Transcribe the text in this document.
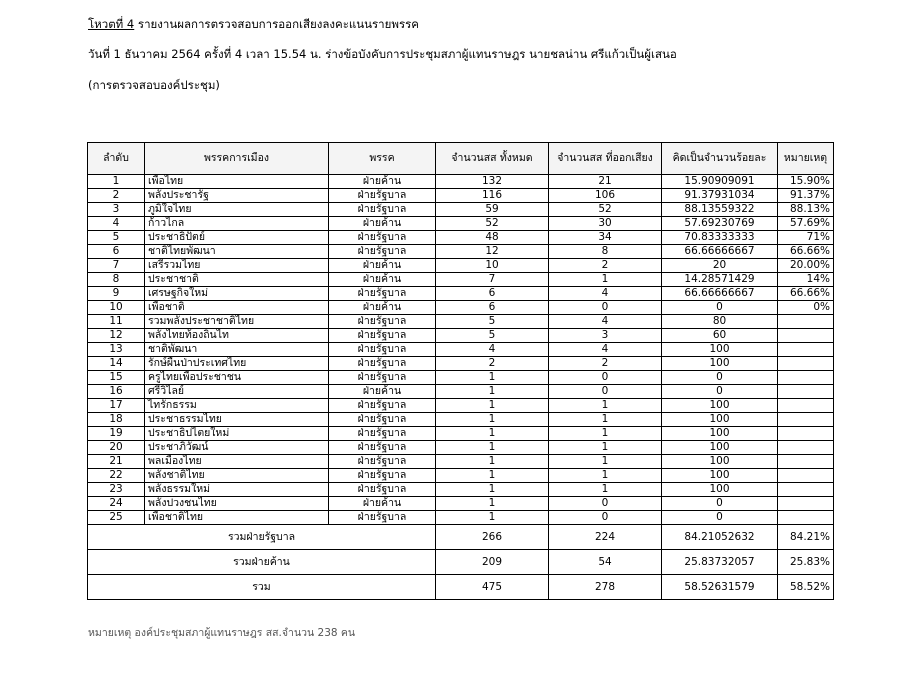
โหวตที่ 4 รายงานผลการตรวจสอบการออกเสียงลงคะแนนรายพรรค
วันที่ 1 ธันวาคม 2564 ครั้งที่ 4 เวลา 15.54 น. ร่างข้อบังคับการประชุมสภาผู้แทนราษฎร นายชลน่าน ศรีแก้วเป็นผู้เสนอ
(การตรวจสอบองค์ประชุม)
ลำดับ	พรรคการเมือง	พรรค	จำนวนสส ทั้งหมด	จำนวนสส ที่ออกเสียง	คิดเป็นจำนวนร้อยละ	หมายเหตุ
1	เพื่อไทย	ฝ่ายค้าน	132	21	15.90909091	15.90%
2	พลังประชารัฐ	ฝ่ายรัฐบาล	116	106	91.37931034	91.37%
3	ภูมิใจไทย	ฝ่ายรัฐบาล	59	52	88.13559322	88.13%
4	ก้าวไกล	ฝ่ายค้าน	52	30	57.69230769	57.69%
5	ประชาธิปัตย์	ฝ่ายรัฐบาล	48	34	70.83333333	71%
6	ชาติไทยพัฒนา	ฝ่ายรัฐบาล	12	8	66.66666667	66.66%
7	เสรีรวมไทย	ฝ่ายค้าน	10	2	20	20.00%
8	ประชาชาติ	ฝ่ายค้าน	7	1	14.28571429	14%
9	เศรษฐกิจใหม่	ฝ่ายรัฐบาล	6	4	66.66666667	66.66%
10	เพื่อชาติ	ฝ่ายค้าน	6	0	0	0%
11	รวมพลังประชาชาติไทย	ฝ่ายรัฐบาล	5	4	80	
12	พลังไทยท้องถิ่นไท	ฝ่ายรัฐบาล	5	3	60	
13	ชาติพัฒนา	ฝ่ายรัฐบาล	4	4	100	
14	รักษ์ผืนป่าประเทศไทย	ฝ่ายรัฐบาล	2	2	100	
15	ครูไทยเพื่อประชาชน	ฝ่ายรัฐบาล	1	0	0	
16	ศรีวิไลย์	ฝ่ายค้าน	1	0	0	
17	ไทรักธรรม	ฝ่ายรัฐบาล	1	1	100	
18	ประชาธรรมไทย	ฝ่ายรัฐบาล	1	1	100	
19	ประชาธิปไตยใหม่	ฝ่ายรัฐบาล	1	1	100	
20	ประชาภิวัฒน์	ฝ่ายรัฐบาล	1	1	100	
21	พลเมืองไทย	ฝ่ายรัฐบาล	1	1	100	
22	พลังชาติไทย	ฝ่ายรัฐบาล	1	1	100	
23	พลังธรรมใหม่	ฝ่ายรัฐบาล	1	1	100	
24	พลังปวงชนไทย	ฝ่ายค้าน	1	0	0	
25	เพื่อชาติไทย	ฝ่ายรัฐบาล	1	0	0	
รวมฝ่ายรัฐบาล			266	224	84.21052632	84.21%
รวมฝ่ายค้าน			209	54	25.83732057	25.83%
รวม			475	278	58.52631579	58.52%
หมายเหตุ องค์ประชุมสภาผู้แทนราษฎร สส.จำนวน 238 คน
